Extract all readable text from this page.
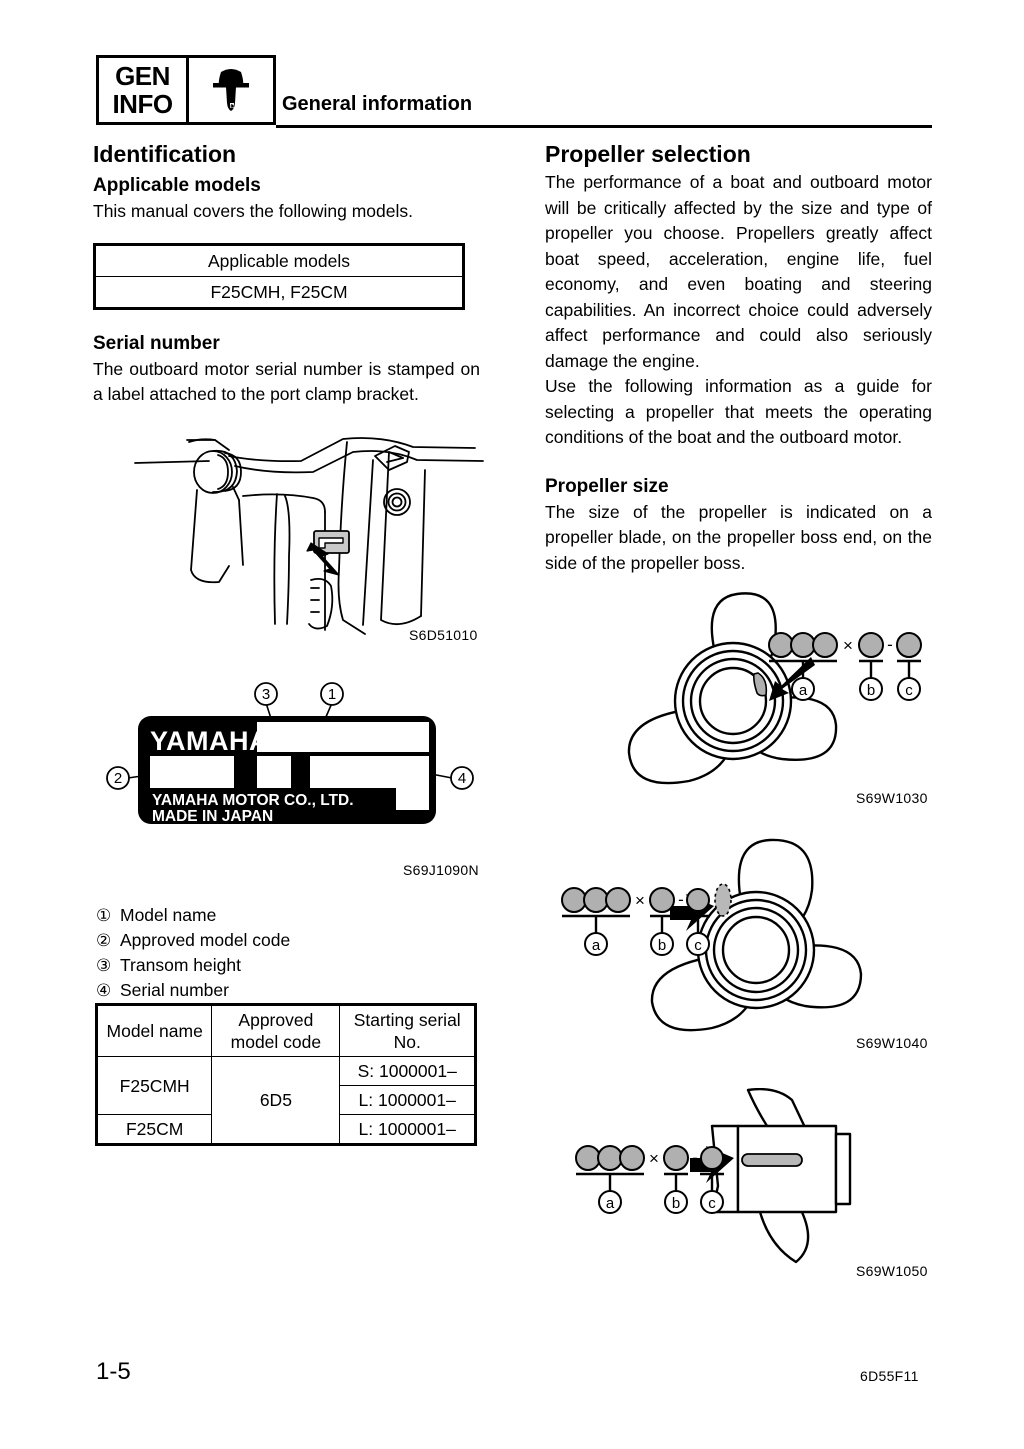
GEN
INFO	General information
Identification
Applicable models

This manual covers the following models.

Applicable models
F25CMH, F25CM
Serial number

The outboard motor serial number is stamped on a label attached to the port clamp bracket.

S6D51010
3	1
2	4
YAMAHA
YAMAHA MOTOR CO., LTD.
MADE IN JAPAN
PAYS D'ORIGINE JAPON
S69J1090N
① Model name
② Approved model code
③ Transom height
④ Serial number
Model name	Approved model code	Starting serial No.
F25CMH	6D5	S: 1000001–
		L: 1000001–
F25CM		L: 1000001–
Propeller selection

The performance of a boat and outboard motor will be critically affected by the size and type of propeller you choose. Propellers greatly affect boat speed, acceleration, engine life, fuel economy, and even boating and steering capabilities. An incorrect choice could adversely affect performance and could also seriously damage the engine.

Use the following information as a guide for selecting a propeller that meets the operating conditions of the boat and the outboard motor.

Propeller size

The size of the propeller is indicated on a propeller blade, on the propeller boss end, on the side of the propeller boss.

a	b c
× -
S69W1030
a	b c
× -
S69W1040
a	b c
× -
S69W1050
1-5	6D55F11
